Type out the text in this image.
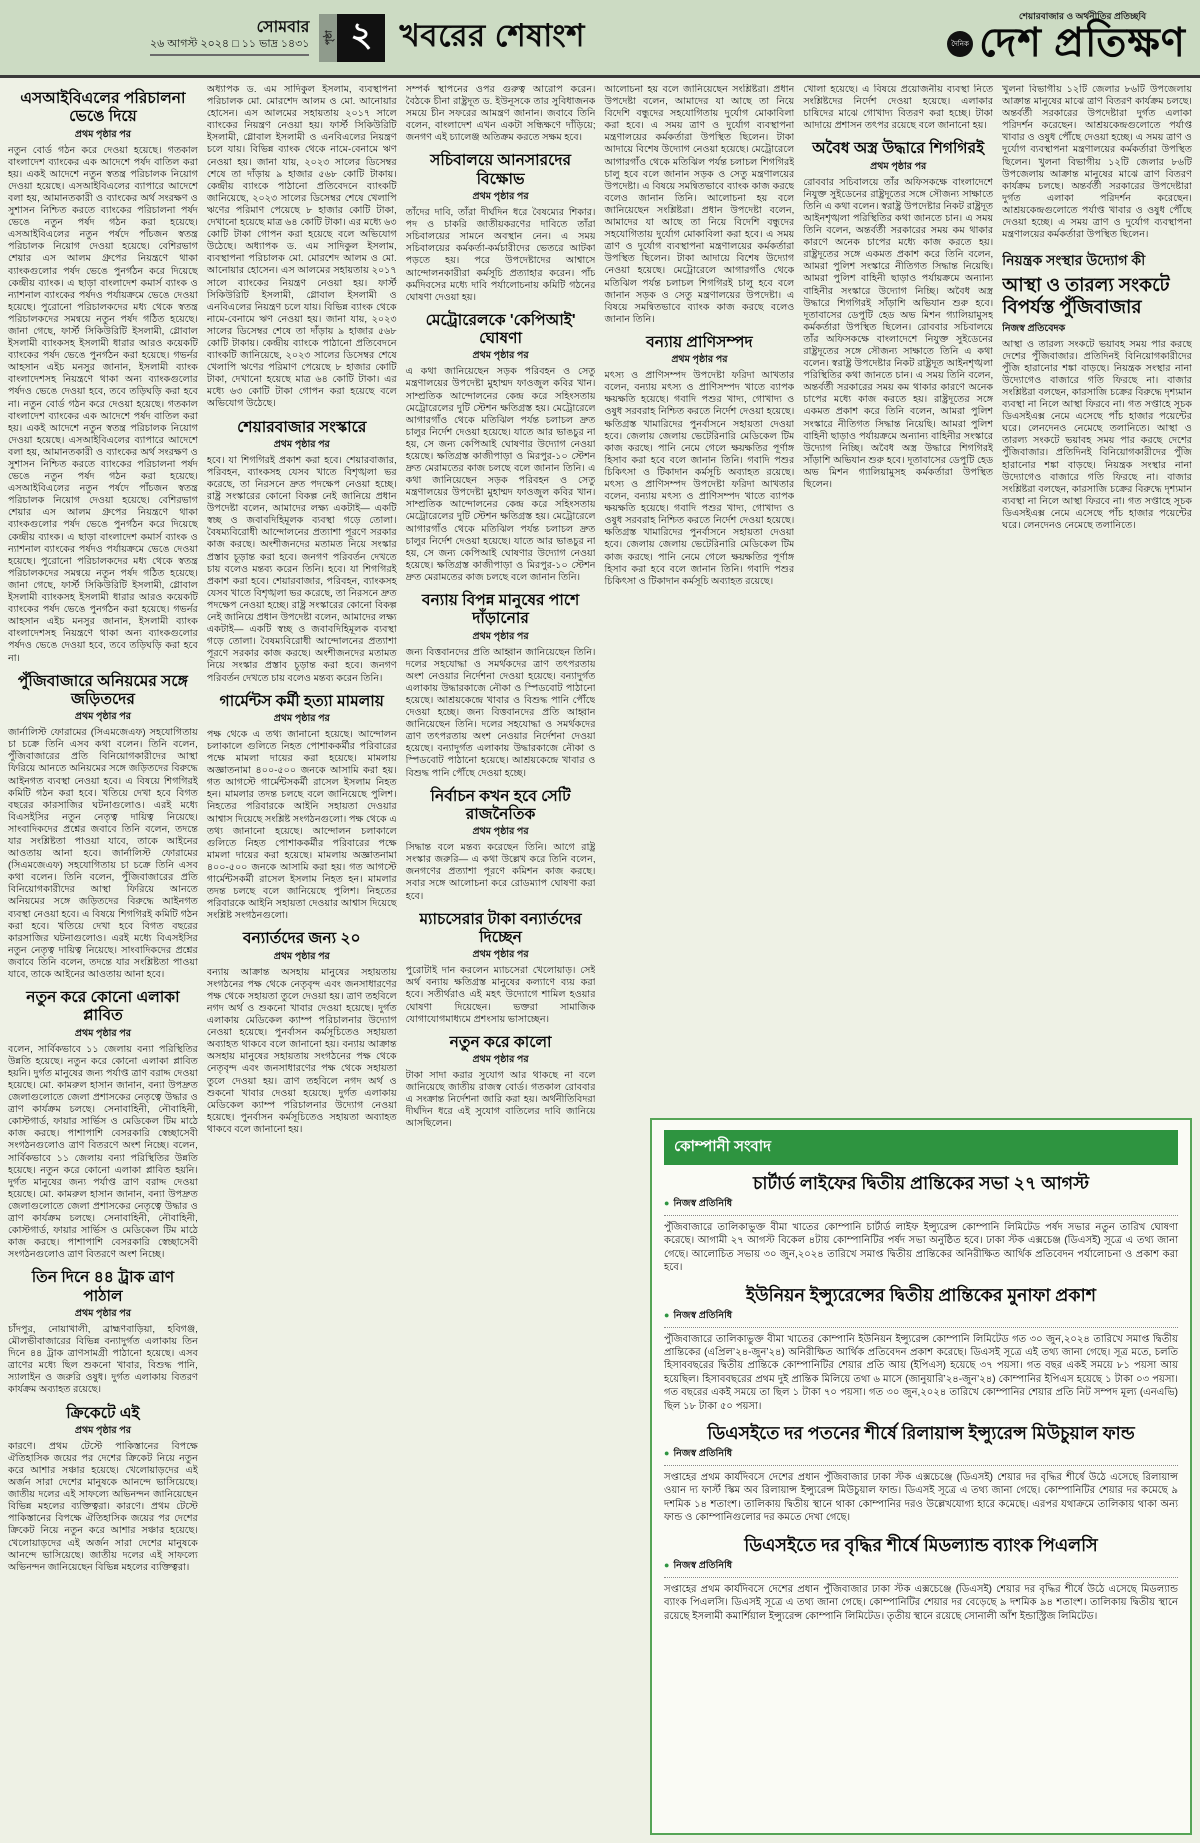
সোমবার
২৬ আগস্ট ২০২৪ □ ১১ ভাদ্র ১৪৩১	পৃষ্ঠা ২ খবরের শেষাংশ	দৈনিক
শেয়ারবাজার ও অর্থনীতির প্রতিচ্ছবি
দেশ প্রতিক্ষণ
এসআইবিএলের পরিচালনা ভেঙে দিয়ে
প্রথম পৃষ্ঠার পর
নতুন বোর্ড গঠন করে দেওয়া হয়েছে। গতকাল বাংলাদেশ ব্যাংকের এক আদেশে পর্ষদ বাতিল করা হয়। একই আদেশে নতুন স্বতন্ত্র পরিচালক নিয়োগ দেওয়া হয়েছে। এসআইবিএলের ব্যাপারে আদেশে বলা হয়, আমানতকারী ও ব্যাংকের অর্থ সংরক্ষণ ও সুশাসন নিশ্চিত করতে ব্যাংকের পরিচালনা পর্ষদ ভেঙে নতুন পর্ষদ গঠন করা হয়েছে। এসআইবিএলের নতুন পর্ষদে পাঁচজন স্বতন্ত্র পরিচালক নিয়োগ দেওয়া হয়েছে। বেশিরভাগ শেয়ার এস আলম গ্রুপের নিয়ন্ত্রণে থাকা ব্যাংকগুলোর পর্ষদ ভেঙে পুনর্গঠন করে দিয়েছে কেন্দ্রীয় ব্যাংক। এ ছাড়া বাংলাদেশ কমার্স ব্যাংক ও ন্যাশনাল ব্যাংকের পর্ষদও পর্যায়ক্রমে ভেঙে দেওয়া হয়েছে। পুরোনো পরিচালকদের মধ্য থেকে স্বতন্ত্র পরিচালকদের সমন্বয়ে নতুন পর্ষদ গঠিত হয়েছে। জানা গেছে, ফার্স্ট সিকিউরিটি ইসলামী, গ্লোবাল ইসলামী ব্যাংকসহ ইসলামী ধারার আরও কয়েকটি ব্যাংকের পর্ষদ ভেঙে পুনর্গঠন করা হয়েছে। গভর্নর আহসান এইচ মনসুর জানান, ইসলামী ব্যাংক বাংলাদেশসহ নিয়ন্ত্রণে থাকা অন্য ব্যাংকগুলোর পর্ষদও ভেঙে দেওয়া হবে, তবে তড়িঘড়ি করা হবে না। নতুন বোর্ড গঠন করে দেওয়া হয়েছে। গতকাল বাংলাদেশ ব্যাংকের এক আদেশে পর্ষদ বাতিল করা হয়। একই আদেশে নতুন স্বতন্ত্র পরিচালক নিয়োগ দেওয়া হয়েছে। এসআইবিএলের ব্যাপারে আদেশে বলা হয়, আমানতকারী ও ব্যাংকের অর্থ সংরক্ষণ ও সুশাসন নিশ্চিত করতে ব্যাংকের পরিচালনা পর্ষদ ভেঙে নতুন পর্ষদ গঠন করা হয়েছে। এসআইবিএলের নতুন পর্ষদে পাঁচজন স্বতন্ত্র পরিচালক নিয়োগ দেওয়া হয়েছে। বেশিরভাগ শেয়ার এস আলম গ্রুপের নিয়ন্ত্রণে থাকা ব্যাংকগুলোর পর্ষদ ভেঙে পুনর্গঠন করে দিয়েছে কেন্দ্রীয় ব্যাংক। এ ছাড়া বাংলাদেশ কমার্স ব্যাংক ও ন্যাশনাল ব্যাংকের পর্ষদও পর্যায়ক্রমে ভেঙে দেওয়া হয়েছে। পুরোনো পরিচালকদের মধ্য থেকে স্বতন্ত্র পরিচালকদের সমন্বয়ে নতুন পর্ষদ গঠিত হয়েছে। জানা গেছে, ফার্স্ট সিকিউরিটি ইসলামী, গ্লোবাল ইসলামী ব্যাংকসহ ইসলামী ধারার আরও কয়েকটি ব্যাংকের পর্ষদ ভেঙে পুনর্গঠন করা হয়েছে। গভর্নর আহসান এইচ মনসুর জানান, ইসলামী ব্যাংক বাংলাদেশসহ নিয়ন্ত্রণে থাকা অন্য ব্যাংকগুলোর পর্ষদও ভেঙে দেওয়া হবে, তবে তড়িঘড়ি করা হবে না।
পুঁজিবাজারে অনিয়মের সঙ্গে জড়িতদের
প্রথম পৃষ্ঠার পর
জার্নালিস্ট ফোরামের (সিএমজেএফ) সহযোগিতায় চা চক্রে তিনি এসব কথা বলেন। তিনি বলেন, পুঁজিবাজারের প্রতি বিনিয়োগকারীদের আস্থা ফিরিয়ে আনতে অনিয়মের সঙ্গে জড়িতদের বিরুদ্ধে আইনগত ব্যবস্থা নেওয়া হবে। এ বিষয়ে শিগগিরই কমিটি গঠন করা হবে। খতিয়ে দেখা হবে বিগত বছরের কারসাজির ঘটনাগুলোও। এরই মধ্যে বিএসইসির নতুন নেতৃত্ব দায়িত্ব নিয়েছে। সাংবাদিকদের প্রশ্নের জবাবে তিনি বলেন, তদন্তে যার সংশ্লিষ্টতা পাওয়া যাবে, তাকে আইনের আওতায় আনা হবে। জার্নালিস্ট ফোরামের (সিএমজেএফ) সহযোগিতায় চা চক্রে তিনি এসব কথা বলেন। তিনি বলেন, পুঁজিবাজারের প্রতি বিনিয়োগকারীদের আস্থা ফিরিয়ে আনতে অনিয়মের সঙ্গে জড়িতদের বিরুদ্ধে আইনগত ব্যবস্থা নেওয়া হবে। এ বিষয়ে শিগগিরই কমিটি গঠন করা হবে। খতিয়ে দেখা হবে বিগত বছরের কারসাজির ঘটনাগুলোও। এরই মধ্যে বিএসইসির নতুন নেতৃত্ব দায়িত্ব নিয়েছে। সাংবাদিকদের প্রশ্নের জবাবে তিনি বলেন, তদন্তে যার সংশ্লিষ্টতা পাওয়া যাবে, তাকে আইনের আওতায় আনা হবে।
নতুন করে কোনো এলাকা প্লাবিত
প্রথম পৃষ্ঠার পর
বলেন, সার্বিকভাবে ১১ জেলায় বন্যা পরিস্থিতির উন্নতি হয়েছে। নতুন করে কোনো এলাকা প্লাবিত হয়নি। দুর্গত মানুষের জন্য পর্যাপ্ত ত্রাণ বরাদ্দ দেওয়া হয়েছে। মো. কামরুল হাসান জানান, বন্যা উপদ্রুত জেলাগুলোতে জেলা প্রশাসকের নেতৃত্বে উদ্ধার ও ত্রাণ কার্যক্রম চলছে। সেনাবাহিনী, নৌবাহিনী, কোস্টগার্ড, ফায়ার সার্ভিস ও মেডিকেল টিম মাঠে কাজ করছে। পাশাপাশি বেসরকারি স্বেচ্ছাসেবী সংগঠনগুলোও ত্রাণ বিতরণে অংশ নিচ্ছে। বলেন, সার্বিকভাবে ১১ জেলায় বন্যা পরিস্থিতির উন্নতি হয়েছে। নতুন করে কোনো এলাকা প্লাবিত হয়নি। দুর্গত মানুষের জন্য পর্যাপ্ত ত্রাণ বরাদ্দ দেওয়া হয়েছে। মো. কামরুল হাসান জানান, বন্যা উপদ্রুত জেলাগুলোতে জেলা প্রশাসকের নেতৃত্বে উদ্ধার ও ত্রাণ কার্যক্রম চলছে। সেনাবাহিনী, নৌবাহিনী, কোস্টগার্ড, ফায়ার সার্ভিস ও মেডিকেল টিম মাঠে কাজ করছে। পাশাপাশি বেসরকারি স্বেচ্ছাসেবী সংগঠনগুলোও ত্রাণ বিতরণে অংশ নিচ্ছে।
তিন দিনে ৪৪ ট্রাক ত্রাণ পাঠাল
প্রথম পৃষ্ঠার পর
চাঁদপুর, নোয়াখালী, ব্রাহ্মণবাড়িয়া, হবিগঞ্জ, মৌলভীবাজারের বিভিন্ন বন্যাদুর্গত এলাকায় তিন দিনে ৪৪ ট্রাক ত্রাণসামগ্রী পাঠানো হয়েছে। এসব ত্রাণের মধ্যে ছিল শুকনো খাবার, বিশুদ্ধ পানি, স্যালাইন ও জরুরি ওষুধ। দুর্গত এলাকায় বিতরণ কার্যক্রম অব্যাহত রয়েছে।
ক্রিকেটে এই
প্রথম পৃষ্ঠার পর
কারণে। প্রথম টেস্টে পাকিস্তানের বিপক্ষে ঐতিহাসিক জয়ের পর দেশের ক্রিকেট নিয়ে নতুন করে আশার সঞ্চার হয়েছে। খেলোয়াড়দের এই অর্জন সারা দেশের মানুষকে আনন্দে ভাসিয়েছে। জাতীয় দলের এই সাফল্যে অভিনন্দন জানিয়েছেন বিভিন্ন মহলের ব্যক্তিত্বরা। কারণে। প্রথম টেস্টে পাকিস্তানের বিপক্ষে ঐতিহাসিক জয়ের পর দেশের ক্রিকেট নিয়ে নতুন করে আশার সঞ্চার হয়েছে। খেলোয়াড়দের এই অর্জন সারা দেশের মানুষকে আনন্দে ভাসিয়েছে। জাতীয় দলের এই সাফল্যে অভিনন্দন জানিয়েছেন বিভিন্ন মহলের ব্যক্তিত্বরা।
অধ্যাপক ড. এম সাদিকুল ইসলাম, ব্যবস্থাপনা পরিচালক মো. মোরশেদ আলম ও মো. আনোয়ার হোসেন। এস আলমের সহায়তায় ২০১৭ সালে ব্যাংকের নিয়ন্ত্রণ নেওয়া হয়। ফার্স্ট সিকিউরিটি ইসলামী, গ্লোবাল ইসলামী ও এনবিএলের নিয়ন্ত্রণ চলে যায়। বিভিন্ন ব্যাংক থেকে নামে-বেনামে ঋণ নেওয়া হয়। জানা যায়, ২০২৩ সালের ডিসেম্বর শেষে তা দাঁড়ায় ৯ হাজার ৫৬৮ কোটি টাকায়। কেন্দ্রীয় ব্যাংকে পাঠানো প্রতিবেদনে ব্যাংকটি জানিয়েছে, ২০২৩ সালের ডিসেম্বর শেষে খেলাপি ঋণের পরিমাণ পেয়েছে ৮ হাজার কোটি টাকা, দেখানো হয়েছে মাত্র ৬৪ কোটি টাকা। এর মধ্যে ৬৩ কোটি টাকা গোপন করা হয়েছে বলে অভিযোগ উঠেছে। অধ্যাপক ড. এম সাদিকুল ইসলাম, ব্যবস্থাপনা পরিচালক মো. মোরশেদ আলম ও মো. আনোয়ার হোসেন। এস আলমের সহায়তায় ২০১৭ সালে ব্যাংকের নিয়ন্ত্রণ নেওয়া হয়। ফার্স্ট সিকিউরিটি ইসলামী, গ্লোবাল ইসলামী ও এনবিএলের নিয়ন্ত্রণ চলে যায়। বিভিন্ন ব্যাংক থেকে নামে-বেনামে ঋণ নেওয়া হয়। জানা যায়, ২০২৩ সালের ডিসেম্বর শেষে তা দাঁড়ায় ৯ হাজার ৫৬৮ কোটি টাকায়। কেন্দ্রীয় ব্যাংকে পাঠানো প্রতিবেদনে ব্যাংকটি জানিয়েছে, ২০২৩ সালের ডিসেম্বর শেষে খেলাপি ঋণের পরিমাণ পেয়েছে ৮ হাজার কোটি টাকা, দেখানো হয়েছে মাত্র ৬৪ কোটি টাকা। এর মধ্যে ৬৩ কোটি টাকা গোপন করা হয়েছে বলে অভিযোগ উঠেছে।
শেয়ারবাজার সংস্কারে
প্রথম পৃষ্ঠার পর
হবে। যা শিগগিরই প্রকাশ করা হবে। শেয়ারবাজার, পরিবহন, ব্যাংকসহ যেসব খাতে বিশৃঙ্খলা ভর করেছে, তা নিরসনে দ্রুত পদক্ষেপ নেওয়া হচ্ছে। রাষ্ট্র সংস্কারের কোনো বিকল্প নেই জানিয়ে প্রধান উপদেষ্টা বলেন, আমাদের লক্ষ্য একটাই— একটি স্বচ্ছ ও জবাবদিহিমূলক ব্যবস্থা গড়ে তোলা। বৈষম্যবিরোধী আন্দোলনের প্রত্যাশা পূরণে সরকার কাজ করছে। অংশীজনদের মতামত নিয়ে সংস্কার প্রস্তাব চূড়ান্ত করা হবে। জনগণ পরিবর্তন দেখতে চায় বলেও মন্তব্য করেন তিনি। হবে। যা শিগগিরই প্রকাশ করা হবে। শেয়ারবাজার, পরিবহন, ব্যাংকসহ যেসব খাতে বিশৃঙ্খলা ভর করেছে, তা নিরসনে দ্রুত পদক্ষেপ নেওয়া হচ্ছে। রাষ্ট্র সংস্কারের কোনো বিকল্প নেই জানিয়ে প্রধান উপদেষ্টা বলেন, আমাদের লক্ষ্য একটাই— একটি স্বচ্ছ ও জবাবদিহিমূলক ব্যবস্থা গড়ে তোলা। বৈষম্যবিরোধী আন্দোলনের প্রত্যাশা পূরণে সরকার কাজ করছে। অংশীজনদের মতামত নিয়ে সংস্কার প্রস্তাব চূড়ান্ত করা হবে। জনগণ পরিবর্তন দেখতে চায় বলেও মন্তব্য করেন তিনি।
গার্মেন্টস কর্মী হত্যা মামলায়
প্রথম পৃষ্ঠার পর
পক্ষ থেকে এ তথ্য জানানো হয়েছে। আন্দোলন চলাকালে গুলিতে নিহত পোশাককর্মীর পরিবারের পক্ষে মামলা দায়ের করা হয়েছে। মামলায় অজ্ঞাতনামা ৪০০-৫০০ জনকে আসামি করা হয়। গত আগস্টে গার্মেন্টসকর্মী রাসেল ইসলাম নিহত হন। মামলার তদন্ত চলছে বলে জানিয়েছে পুলিশ। নিহতের পরিবারকে আইনি সহায়তা দেওয়ার আশ্বাস দিয়েছে সংশ্লিষ্ট সংগঠনগুলো। পক্ষ থেকে এ তথ্য জানানো হয়েছে। আন্দোলন চলাকালে গুলিতে নিহত পোশাককর্মীর পরিবারের পক্ষে মামলা দায়ের করা হয়েছে। মামলায় অজ্ঞাতনামা ৪০০-৫০০ জনকে আসামি করা হয়। গত আগস্টে গার্মেন্টসকর্মী রাসেল ইসলাম নিহত হন। মামলার তদন্ত চলছে বলে জানিয়েছে পুলিশ। নিহতের পরিবারকে আইনি সহায়তা দেওয়ার আশ্বাস দিয়েছে সংশ্লিষ্ট সংগঠনগুলো।
বন্যার্তদের জন্য ২০
প্রথম পৃষ্ঠার পর
বন্যায় আক্রান্ত অসহায় মানুষের সহায়তায় সংগঠনের পক্ষ থেকে নেতৃবৃন্দ এবং জনসাধারণের পক্ষ থেকে সহায়তা তুলে দেওয়া হয়। ত্রাণ তহবিলে নগদ অর্থ ও শুকনো খাবার দেওয়া হয়েছে। দুর্গত এলাকায় মেডিকেল ক্যাম্প পরিচালনার উদ্যোগ নেওয়া হয়েছে। পুনর্বাসন কর্মসূচিতেও সহায়তা অব্যাহত থাকবে বলে জানানো হয়। বন্যায় আক্রান্ত অসহায় মানুষের সহায়তায় সংগঠনের পক্ষ থেকে নেতৃবৃন্দ এবং জনসাধারণের পক্ষ থেকে সহায়তা তুলে দেওয়া হয়। ত্রাণ তহবিলে নগদ অর্থ ও শুকনো খাবার দেওয়া হয়েছে। দুর্গত এলাকায় মেডিকেল ক্যাম্প পরিচালনার উদ্যোগ নেওয়া হয়েছে। পুনর্বাসন কর্মসূচিতেও সহায়তা অব্যাহত থাকবে বলে জানানো হয়।
সম্পর্ক স্থাপনের ওপর গুরুত্ব আরোপ করেন। বৈঠকে চীনা রাষ্ট্রদূত ড. ইউনূসকে তার সুবিধাজনক সময়ে চীন সফরের আমন্ত্রণ জানান। জবাবে তিনি বলেন, বাংলাদেশ এখন একটা সন্ধিক্ষণে দাঁড়িয়ে; জনগণ এই চ্যালেঞ্জ অতিক্রম করতে সক্ষম হবে।
সচিবালয়ে আনসারদের বিক্ষোভ
প্রথম পৃষ্ঠার পর
তাঁদের দাবি, তাঁরা দীর্ঘদিন ধরে বৈষম্যের শিকার। পদ ও চাকরি জাতীয়করণের দাবিতে তাঁরা সচিবালয়ের সামনে অবস্থান নেন। এ সময় সচিবালয়ের কর্মকর্তা-কর্মচারীদের ভেতরে আটকা পড়তে হয়। পরে উপদেষ্টাদের আশ্বাসে আন্দোলনকারীরা কর্মসূচি প্রত্যাহার করেন। পাঁচ কর্মদিবসের মধ্যে দাবি পর্যালোচনায় কমিটি গঠনের ঘোষণা দেওয়া হয়।
মেট্রোরেলকে 'কেপিআই' ঘোষণা
প্রথম পৃষ্ঠার পর
এ কথা জানিয়েছেন সড়ক পরিবহন ও সেতু মন্ত্রণালয়ের উপদেষ্টা মুহাম্মদ ফাওজুল কবির খান। সাম্প্রতিক আন্দোলনের কেন্দ্র করে সহিংসতায় মেট্রোরেলের দুটি স্টেশন ক্ষতিগ্রস্ত হয়। মেট্রোরেলে আগারগাঁও থেকে মতিঝিল পর্যন্ত চলাচল দ্রুত চালুর নির্দেশ দেওয়া হয়েছে। যাতে আর ভাঙচুর না হয়, সে জন্য কেপিআই ঘোষণার উদ্যোগ নেওয়া হয়েছে। ক্ষতিগ্রস্ত কাজীপাড়া ও মিরপুর-১০ স্টেশন দ্রুত মেরামতের কাজ চলছে বলে জানান তিনি। এ কথা জানিয়েছেন সড়ক পরিবহন ও সেতু মন্ত্রণালয়ের উপদেষ্টা মুহাম্মদ ফাওজুল কবির খান। সাম্প্রতিক আন্দোলনের কেন্দ্র করে সহিংসতায় মেট্রোরেলের দুটি স্টেশন ক্ষতিগ্রস্ত হয়। মেট্রোরেলে আগারগাঁও থেকে মতিঝিল পর্যন্ত চলাচল দ্রুত চালুর নির্দেশ দেওয়া হয়েছে। যাতে আর ভাঙচুর না হয়, সে জন্য কেপিআই ঘোষণার উদ্যোগ নেওয়া হয়েছে। ক্ষতিগ্রস্ত কাজীপাড়া ও মিরপুর-১০ স্টেশন দ্রুত মেরামতের কাজ চলছে বলে জানান তিনি।
বন্যায় বিপন্ন মানুষের পাশে দাঁড়ানোর
প্রথম পৃষ্ঠার পর
জন্য বিত্তবানদের প্রতি আহ্বান জানিয়েছেন তিনি। দলের সহযোদ্ধা ও সমর্থকদের ত্রাণ তৎপরতায় অংশ নেওয়ার নির্দেশনা দেওয়া হয়েছে। বন্যাদুর্গত এলাকায় উদ্ধারকাজে নৌকা ও স্পিডবোট পাঠানো হয়েছে। আশ্রয়কেন্দ্রে খাবার ও বিশুদ্ধ পানি পৌঁছে দেওয়া হচ্ছে। জন্য বিত্তবানদের প্রতি আহ্বান জানিয়েছেন তিনি। দলের সহযোদ্ধা ও সমর্থকদের ত্রাণ তৎপরতায় অংশ নেওয়ার নির্দেশনা দেওয়া হয়েছে। বন্যাদুর্গত এলাকায় উদ্ধারকাজে নৌকা ও স্পিডবোট পাঠানো হয়েছে। আশ্রয়কেন্দ্রে খাবার ও বিশুদ্ধ পানি পৌঁছে দেওয়া হচ্ছে।
নির্বাচন কখন হবে সেটি রাজনৈতিক
প্রথম পৃষ্ঠার পর
সিদ্ধান্ত বলে মন্তব্য করেছেন তিনি। আগে রাষ্ট্র সংস্কার জরুরি— এ কথা উল্লেখ করে তিনি বলেন, জনগণের প্রত্যাশা পূরণে কমিশন কাজ করছে। সবার সঙ্গে আলোচনা করে রোডম্যাপ ঘোষণা করা হবে।
ম্যাচসেরার টাকা বন্যার্তদের দিচ্ছেন
প্রথম পৃষ্ঠার পর
পুরোটাই দান করলেন ম্যাচসেরা খেলোয়াড়। সেই অর্থ বন্যায় ক্ষতিগ্রস্ত মানুষের কল্যাণে ব্যয় করা হবে। সতীর্থরাও এই মহৎ উদ্যোগে শামিল হওয়ার ঘোষণা দিয়েছেন। ভক্তরা সামাজিক যোগাযোগমাধ্যমে প্রশংসায় ভাসাচ্ছেন।
নতুন করে কালো
প্রথম পৃষ্ঠার পর
টাকা সাদা করার সুযোগ আর থাকছে না বলে জানিয়েছে জাতীয় রাজস্ব বোর্ড। গতকাল রোববার এ সংক্রান্ত নির্দেশনা জারি করা হয়। অর্থনীতিবিদরা দীর্ঘদিন ধরে এই সুযোগ বাতিলের দাবি জানিয়ে আসছিলেন।
আলোচনা হয় বলে জানিয়েছেন সংশ্লিষ্টরা। প্রধান উপদেষ্টা বলেন, আমাদের যা আছে তা নিয়ে বিদেশি বন্ধুদের সহযোগিতায় দুর্যোগ মোকাবিলা করা হবে। এ সময় ত্রাণ ও দুর্যোগ ব্যবস্থাপনা মন্ত্রণালয়ের কর্মকর্তারা উপস্থিত ছিলেন। টাকা আদায়ে বিশেষ উদ্যোগ নেওয়া হয়েছে। মেট্রোরেলে আগারগাঁও থেকে মতিঝিল পর্যন্ত চলাচল শিগগিরই চালু হবে বলে জানান সড়ক ও সেতু মন্ত্রণালয়ের উপদেষ্টা। এ বিষয়ে সমন্বিতভাবে ব্যাংক কাজ করছে বলেও জানান তিনি। আলোচনা হয় বলে জানিয়েছেন সংশ্লিষ্টরা। প্রধান উপদেষ্টা বলেন, আমাদের যা আছে তা নিয়ে বিদেশি বন্ধুদের সহযোগিতায় দুর্যোগ মোকাবিলা করা হবে। এ সময় ত্রাণ ও দুর্যোগ ব্যবস্থাপনা মন্ত্রণালয়ের কর্মকর্তারা উপস্থিত ছিলেন। টাকা আদায়ে বিশেষ উদ্যোগ নেওয়া হয়েছে। মেট্রোরেলে আগারগাঁও থেকে মতিঝিল পর্যন্ত চলাচল শিগগিরই চালু হবে বলে জানান সড়ক ও সেতু মন্ত্রণালয়ের উপদেষ্টা। এ বিষয়ে সমন্বিতভাবে ব্যাংক কাজ করছে বলেও জানান তিনি।
বন্যায় প্রাণিসম্পদ
প্রথম পৃষ্ঠার পর
মৎস্য ও প্রাণিসম্পদ উপদেষ্টা ফরিদা আখতার বলেন, বন্যায় মৎস্য ও প্রাণিসম্পদ খাতে ব্যাপক ক্ষয়ক্ষতি হয়েছে। গবাদি পশুর খাদ্য, গোখাদ্য ও ওষুধ সরবরাহ নিশ্চিত করতে নির্দেশ দেওয়া হয়েছে। ক্ষতিগ্রস্ত খামারিদের পুনর্বাসনে সহায়তা দেওয়া হবে। জেলায় জেলায় ভেটেরিনারি মেডিকেল টিম কাজ করছে। পানি নেমে গেলে ক্ষয়ক্ষতির পূর্ণাঙ্গ হিসাব করা হবে বলে জানান তিনি। গবাদি পশুর চিকিৎসা ও টিকাদান কর্মসূচি অব্যাহত রয়েছে। মৎস্য ও প্রাণিসম্পদ উপদেষ্টা ফরিদা আখতার বলেন, বন্যায় মৎস্য ও প্রাণিসম্পদ খাতে ব্যাপক ক্ষয়ক্ষতি হয়েছে। গবাদি পশুর খাদ্য, গোখাদ্য ও ওষুধ সরবরাহ নিশ্চিত করতে নির্দেশ দেওয়া হয়েছে। ক্ষতিগ্রস্ত খামারিদের পুনর্বাসনে সহায়তা দেওয়া হবে। জেলায় জেলায় ভেটেরিনারি মেডিকেল টিম কাজ করছে। পানি নেমে গেলে ক্ষয়ক্ষতির পূর্ণাঙ্গ হিসাব করা হবে বলে জানান তিনি। গবাদি পশুর চিকিৎসা ও টিকাদান কর্মসূচি অব্যাহত রয়েছে।
খোলা হয়েছে। এ বিষয়ে প্রয়োজনীয় ব্যবস্থা নিতে সংশ্লিষ্টদের নির্দেশ দেওয়া হয়েছে। এলাকার চাষিদের মাঝে গোখাদ্য বিতরণ করা হচ্ছে। টাকা আদায়ে প্রশাসন তৎপর রয়েছে বলে জানানো হয়।
অবৈধ অস্ত্র উদ্ধারে শিগগিরই
প্রথম পৃষ্ঠার পর
রোববার সচিবালয়ে তাঁর অফিসকক্ষে বাংলাদেশে নিযুক্ত সুইডেনের রাষ্ট্রদূতের সঙ্গে সৌজন্য সাক্ষাতে তিনি এ কথা বলেন। স্বরাষ্ট্র উপদেষ্টার নিকট রাষ্ট্রদূত আইনশৃঙ্খলা পরিস্থিতির কথা জানতে চান। এ সময় তিনি বলেন, অন্তর্বর্তী সরকারের সময় কম থাকার কারণে অনেক চাপের মধ্যে কাজ করতে হয়। রাষ্ট্রদূতের সঙ্গে একমত প্রকাশ করে তিনি বলেন, আমরা পুলিশ সংস্কারে নীতিগত সিদ্ধান্ত নিয়েছি। আমরা পুলিশ বাহিনী ছাড়াও পর্যায়ক্রমে অন্যান্য বাহিনীর সংস্কারে উদ্যোগ নিচ্ছি। অবৈধ অস্ত্র উদ্ধারে শিগগিরই সাঁড়াশি অভিযান শুরু হবে। দূতাবাসের ডেপুটি হেড অভ মিশন গ্যালিয়ামুসহ কর্মকর্তারা উপস্থিত ছিলেন। রোববার সচিবালয়ে তাঁর অফিসকক্ষে বাংলাদেশে নিযুক্ত সুইডেনের রাষ্ট্রদূতের সঙ্গে সৌজন্য সাক্ষাতে তিনি এ কথা বলেন। স্বরাষ্ট্র উপদেষ্টার নিকট রাষ্ট্রদূত আইনশৃঙ্খলা পরিস্থিতির কথা জানতে চান। এ সময় তিনি বলেন, অন্তর্বর্তী সরকারের সময় কম থাকার কারণে অনেক চাপের মধ্যে কাজ করতে হয়। রাষ্ট্রদূতের সঙ্গে একমত প্রকাশ করে তিনি বলেন, আমরা পুলিশ সংস্কারে নীতিগত সিদ্ধান্ত নিয়েছি। আমরা পুলিশ বাহিনী ছাড়াও পর্যায়ক্রমে অন্যান্য বাহিনীর সংস্কারে উদ্যোগ নিচ্ছি। অবৈধ অস্ত্র উদ্ধারে শিগগিরই সাঁড়াশি অভিযান শুরু হবে। দূতাবাসের ডেপুটি হেড অভ মিশন গ্যালিয়ামুসহ কর্মকর্তারা উপস্থিত ছিলেন।
খুলনা বিভাগীয় ১২টি জেলার ৮৬টি উপজেলায় আক্রান্ত মানুষের মাঝে ত্রাণ বিতরণ কার্যক্রম চলছে। অন্তর্বর্তী সরকারের উপদেষ্টারা দুর্গত এলাকা পরিদর্শন করেছেন। আশ্রয়কেন্দ্রগুলোতে পর্যাপ্ত খাবার ও ওষুধ পৌঁছে দেওয়া হচ্ছে। এ সময় ত্রাণ ও দুর্যোগ ব্যবস্থাপনা মন্ত্রণালয়ের কর্মকর্তারা উপস্থিত ছিলেন। খুলনা বিভাগীয় ১২টি জেলার ৮৬টি উপজেলায় আক্রান্ত মানুষের মাঝে ত্রাণ বিতরণ কার্যক্রম চলছে। অন্তর্বর্তী সরকারের উপদেষ্টারা দুর্গত এলাকা পরিদর্শন করেছেন। আশ্রয়কেন্দ্রগুলোতে পর্যাপ্ত খাবার ও ওষুধ পৌঁছে দেওয়া হচ্ছে। এ সময় ত্রাণ ও দুর্যোগ ব্যবস্থাপনা মন্ত্রণালয়ের কর্মকর্তারা উপস্থিত ছিলেন।
নিয়ন্ত্রক সংস্থার উদ্যোগ কী
আস্থা ও তারল্য সংকটে বিপর্যস্ত পুঁজিবাজার
নিজস্ব প্রতিবেদক
আস্থা ও তারল্য সংকটে ভয়াবহ সময় পার করছে দেশের পুঁজিবাজার। প্রতিদিনই বিনিয়োগকারীদের পুঁজি হারানোর শঙ্কা বাড়ছে। নিয়ন্ত্রক সংস্থার নানা উদ্যোগেও বাজারে গতি ফিরছে না। বাজার সংশ্লিষ্টরা বলছেন, কারসাজি চক্রের বিরুদ্ধে দৃশ্যমান ব্যবস্থা না নিলে আস্থা ফিরবে না। গত সপ্তাহে সূচক ডিএসইএক্স নেমে এসেছে পাঁচ হাজার পয়েন্টের ঘরে। লেনদেনও নেমেছে তলানিতে। আস্থা ও তারল্য সংকটে ভয়াবহ সময় পার করছে দেশের পুঁজিবাজার। প্রতিদিনই বিনিয়োগকারীদের পুঁজি হারানোর শঙ্কা বাড়ছে। নিয়ন্ত্রক সংস্থার নানা উদ্যোগেও বাজারে গতি ফিরছে না। বাজার সংশ্লিষ্টরা বলছেন, কারসাজি চক্রের বিরুদ্ধে দৃশ্যমান ব্যবস্থা না নিলে আস্থা ফিরবে না। গত সপ্তাহে সূচক ডিএসইএক্স নেমে এসেছে পাঁচ হাজার পয়েন্টের ঘরে। লেনদেনও নেমেছে তলানিতে।
কোম্পানী সংবাদ
চার্টার্ড লাইফের দ্বিতীয় প্রান্তিকের সভা ২৭ আগস্ট
● নিজস্ব প্রতিনিধি
পুঁজিবাজারে তালিকাভুক্ত বীমা খাতের কোম্পানি চার্টার্ড লাইফ ইন্স্যুরেন্স কোম্পানি লিমিটেড পর্ষদ সভার নতুন তারিখ ঘোষণা করেছে। আগামী ২৭ আগস্ট বিকেল ৪টায় কোম্পানিটির পর্ষদ সভা অনুষ্ঠিত হবে। ঢাকা স্টক এক্সচেঞ্জ (ডিএসই) সূত্রে এ তথ্য জানা গেছে। আলোচিত সভায় ৩০ জুন,২০২৪ তারিখে সমাপ্ত দ্বিতীয় প্রান্তিকের অনিরীক্ষিত আর্থিক প্রতিবেদন পর্যালোচনা ও প্রকাশ করা হবে।
ইউনিয়ন ইন্স্যুরেন্সের দ্বিতীয় প্রান্তিকের মুনাফা প্রকাশ
● নিজস্ব প্রতিনিধি
পুঁজিবাজারে তালিকাভুক্ত বীমা খাতের কোম্পানি ইউনিয়ন ইন্স্যুরেন্স কোম্পানি লিমিটেড গত ৩০ জুন,২০২৪ তারিখে সমাপ্ত দ্বিতীয় প্রান্তিকের (এপ্রিল’২৪-জুন’২৪) অনিরীক্ষিত আর্থিক প্রতিবেদন প্রকাশ করেছে। ডিএসই সূত্রে এই তথ্য জানা গেছে। সূত্র মতে, চলতি হিসাববছরের দ্বিতীয় প্রান্তিকে কোম্পানিটির শেয়ার প্রতি আয় (ইপিএস) হয়েছে ৩৭ পয়সা। গত বছর একই সময়ে ৮১ পয়সা আয় হয়েছিল। হিসাববছরের প্রথম দুই প্রান্তিক মিলিয়ে তথা ৬ মাসে (জানুয়ারি’২৪-জুন’২৪) কোম্পানির ইপিএস হয়েছে ১ টাকা ০৩ পয়সা। গত বছরের একই সময়ে তা ছিল ১ টাকা ৭০ পয়সা। গত ৩০ জুন,২০২৪ তারিখে কোম্পানির শেয়ার প্রতি নিট সম্পদ মূল্য (এনএভি) ছিল ১৮ টাকা ৫০ পয়সা।
ডিএসইতে দর পতনের শীর্ষে রিলায়ান্স ইন্স্যুরেন্স মিউচুয়াল ফান্ড
● নিজস্ব প্রতিনিধি
সপ্তাহের প্রথম কার্যদিবসে দেশের প্রধান পুঁজিবাজার ঢাকা স্টক এক্সচেঞ্জে (ডিএসই) শেয়ার দর বৃদ্ধির শীর্ষে উঠে এসেছে রিলায়ান্স ওয়ান দ্য ফার্স্ট স্কিম অব রিলায়ান্স ইন্স্যুরেন্স মিউচুয়াল ফান্ড। ডিএসই সূত্রে এ তথ্য জানা গেছে। কোম্পানিটির শেয়ার দর কমেছে ৯ দশমিক ১৪ শতাংশ। তালিকায় দ্বিতীয় স্থানে থাকা কোম্পানির দরও উল্লেখযোগ্য হারে কমেছে। এরপর যথাক্রমে তালিকায় থাকা অন্য ফান্ড ও কোম্পানিগুলোর দর কমতে দেখা গেছে।
ডিএসইতে দর বৃদ্ধির শীর্ষে মিডল্যান্ড ব্যাংক পিএলসি
● নিজস্ব প্রতিনিধি
সপ্তাহের প্রথম কার্যদিবসে দেশের প্রধান পুঁজিবাজার ঢাকা স্টক এক্সচেঞ্জে (ডিএসই) শেয়ার দর বৃদ্ধির শীর্ষে উঠে এসেছে মিডল্যান্ড ব্যাংক পিএলসি। ডিএসই সূত্রে এ তথ্য জানা গেছে। কোম্পানিটির শেয়ার দর বেড়েছে ৯ দশমিক ৯৪ শতাংশ। তালিকায় দ্বিতীয় স্থানে রয়েছে ইসলামী কমার্শিয়াল ইন্স্যুরেন্স কোম্পানি লিমিটেড। তৃতীয় স্থানে রয়েছে সোনালী আঁশ ইন্ডাস্ট্রিজ লিমিটেড।
